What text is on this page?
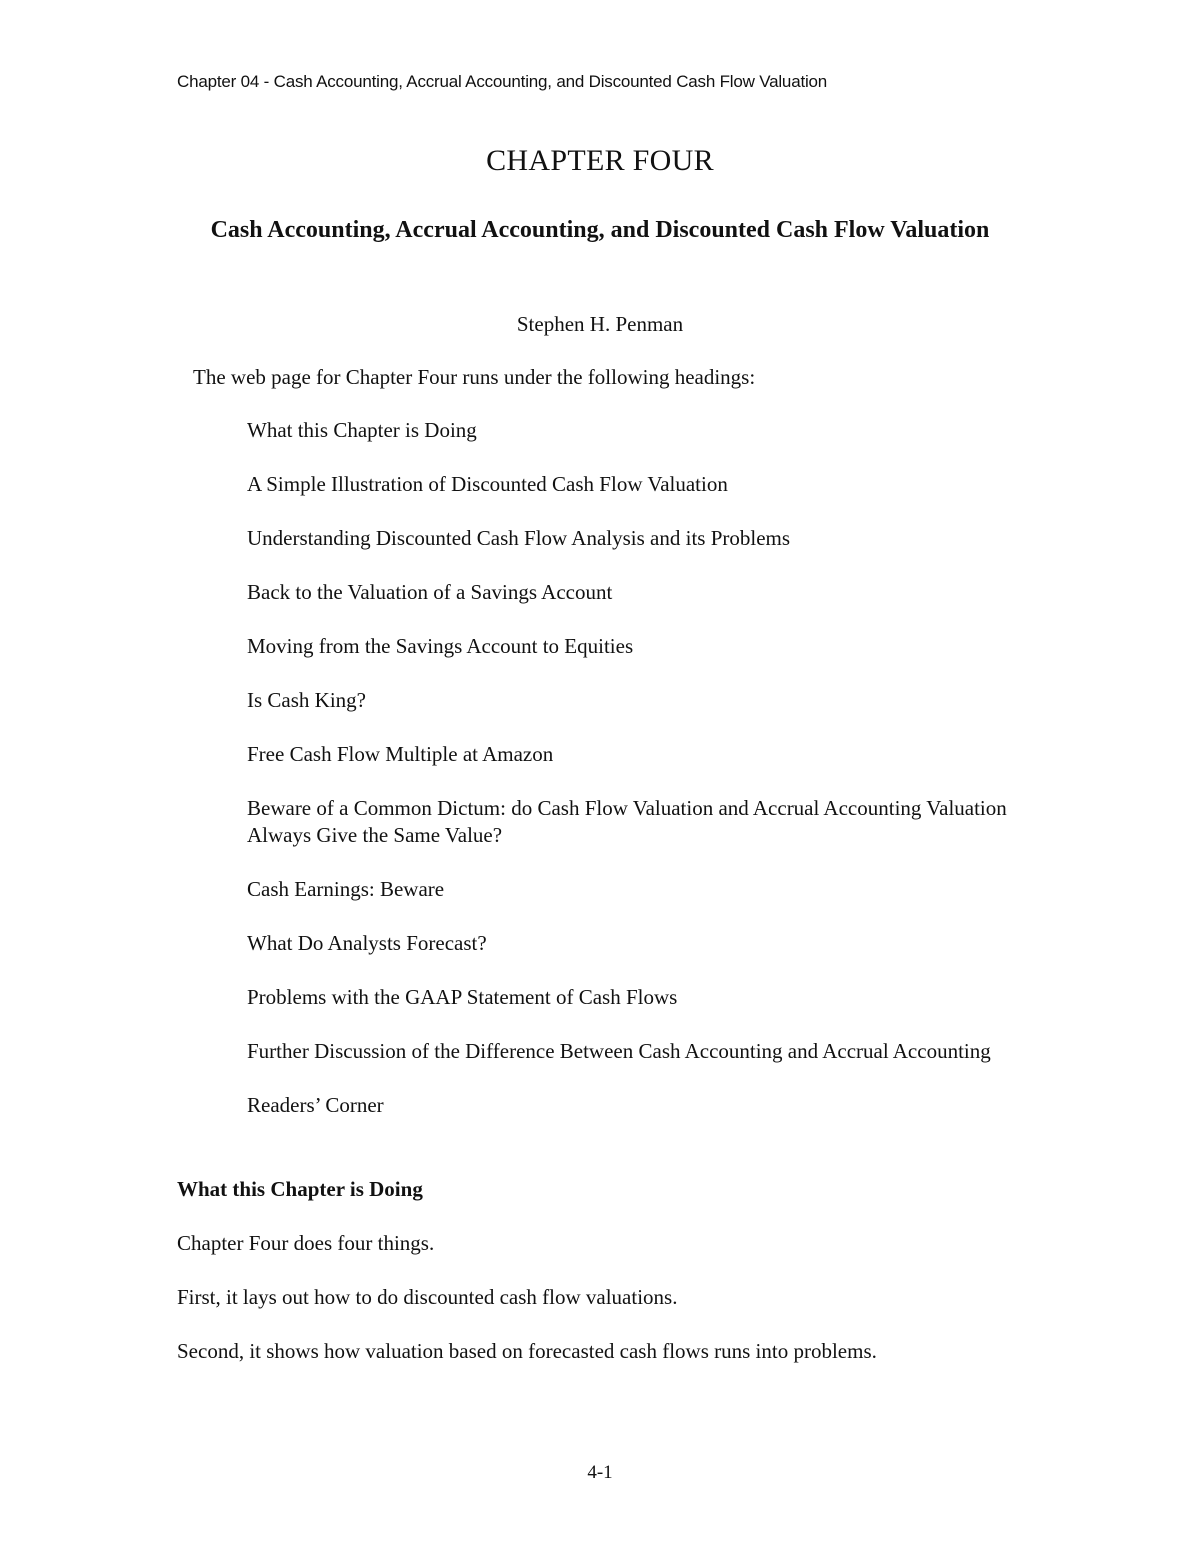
Chapter 04 - Cash Accounting, Accrual Accounting, and Discounted Cash Flow Valuation
CHAPTER FOUR
Cash Accounting, Accrual Accounting, and Discounted Cash Flow Valuation
Stephen H. Penman
The web page for Chapter Four runs under the following headings:
What this Chapter is Doing
A Simple Illustration of Discounted Cash Flow Valuation
Understanding Discounted Cash Flow Analysis and its Problems
Back to the Valuation of a Savings Account
Moving from the Savings Account to Equities
Is Cash King?
Free Cash Flow Multiple at Amazon
Beware of a Common Dictum: do Cash Flow Valuation and Accrual Accounting Valuation Always Give the Same Value?
Cash Earnings: Beware
What Do Analysts Forecast?
Problems with the GAAP Statement of Cash Flows
Further Discussion of the Difference Between Cash Accounting and Accrual Accounting
Readers’ Corner
What this Chapter is Doing

Chapter Four does four things.

First, it lays out how to do discounted cash flow valuations.

Second, it shows how valuation based on forecasted cash flows runs into problems.

4-1
